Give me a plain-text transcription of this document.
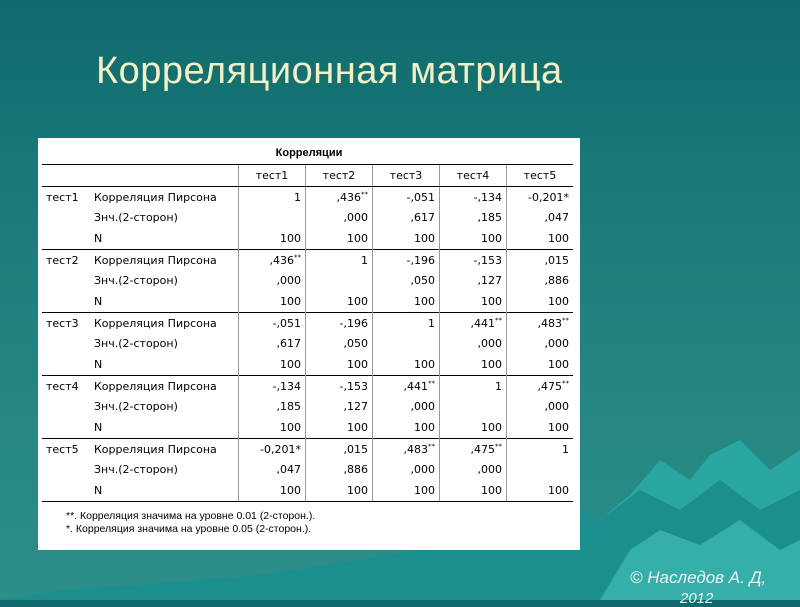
Корреляционная матрица
Корреляции
		тест1	тест2	тест3	тест4	тест5
тест1	Корреляция Пирсона	1	,436**	-,051	-,134	-0,201*
	Знч.(2-сторон)		,000	,617	,185	,047
	N	100	100	100	100	100
тест2	Корреляция Пирсона	,436**	1	-,196	-,153	,015
	Знч.(2-сторон)	,000		,050	,127	,886
	N	100	100	100	100	100
тест3	Корреляция Пирсона	-,051	-,196	1	,441**	,483**
	Знч.(2-сторон)	,617	,050		,000	,000
	N	100	100	100	100	100
тест4	Корреляция Пирсона	-,134	-,153	,441**	1	,475**
	Знч.(2-сторон)	,185	,127	,000		,000
	N	100	100	100	100	100
тест5	Корреляция Пирсона	-0,201*	,015	,483**	,475**	1
	Знч.(2-сторон)	,047	,886	,000	,000	
	N	100	100	100	100	100
**. Корреляция значима на уровне 0.01 (2-сторон.).
*. Корреляция значима на уровне 0.05 (2-сторон.).
© Наследов А. Д,
2012
